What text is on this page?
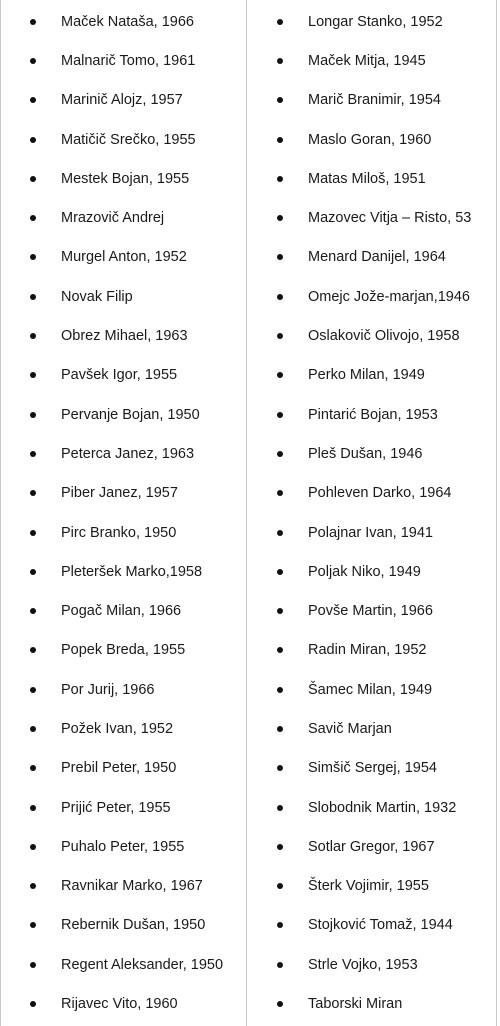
Maček Nataša, 1966
Malnarič Tomo, 1961
Marinič Alojz, 1957
Matičič Srečko, 1955
Mestek Bojan, 1955
Mrazovič Andrej
Murgel Anton, 1952
Novak Filip
Obrez Mihael, 1963
Pavšek Igor, 1955
Pervanje Bojan, 1950
Peterca Janez, 1963
Piber Janez, 1957
Pirc Branko, 1950
Pleteršek Marko,1958
Pogač Milan, 1966
Popek Breda, 1955
Por Jurij, 1966
Požek Ivan, 1952
Prebil Peter, 1950
Prijić Peter, 1955
Puhalo Peter, 1955
Ravnikar Marko, 1967
Rebernik Dušan, 1950
Regent Aleksander, 1950
Rijavec Vito, 1960
Longar Stanko, 1952
Maček Mitja, 1945
Marič Branimir, 1954
Maslo Goran, 1960
Matas Miloš, 1951
Mazovec Vitja – Risto, 53
Menard Danijel, 1964
Omejc Jože-marjan,1946
Oslakovič Olivojo, 1958
Perko Milan, 1949
Pintarić Bojan, 1953
Pleš Dušan, 1946
Pohleven Darko, 1964
Polajnar Ivan, 1941
Poljak Niko, 1949
Povše Martin, 1966
Radin Miran, 1952
Šamec Milan, 1949
Savič Marjan
Simšič Sergej, 1954
Slobodnik Martin, 1932
Sotlar Gregor, 1967
Šterk Vojimir, 1955
Stojković Tomaž, 1944
Strle Vojko, 1953
Taborski Miran
